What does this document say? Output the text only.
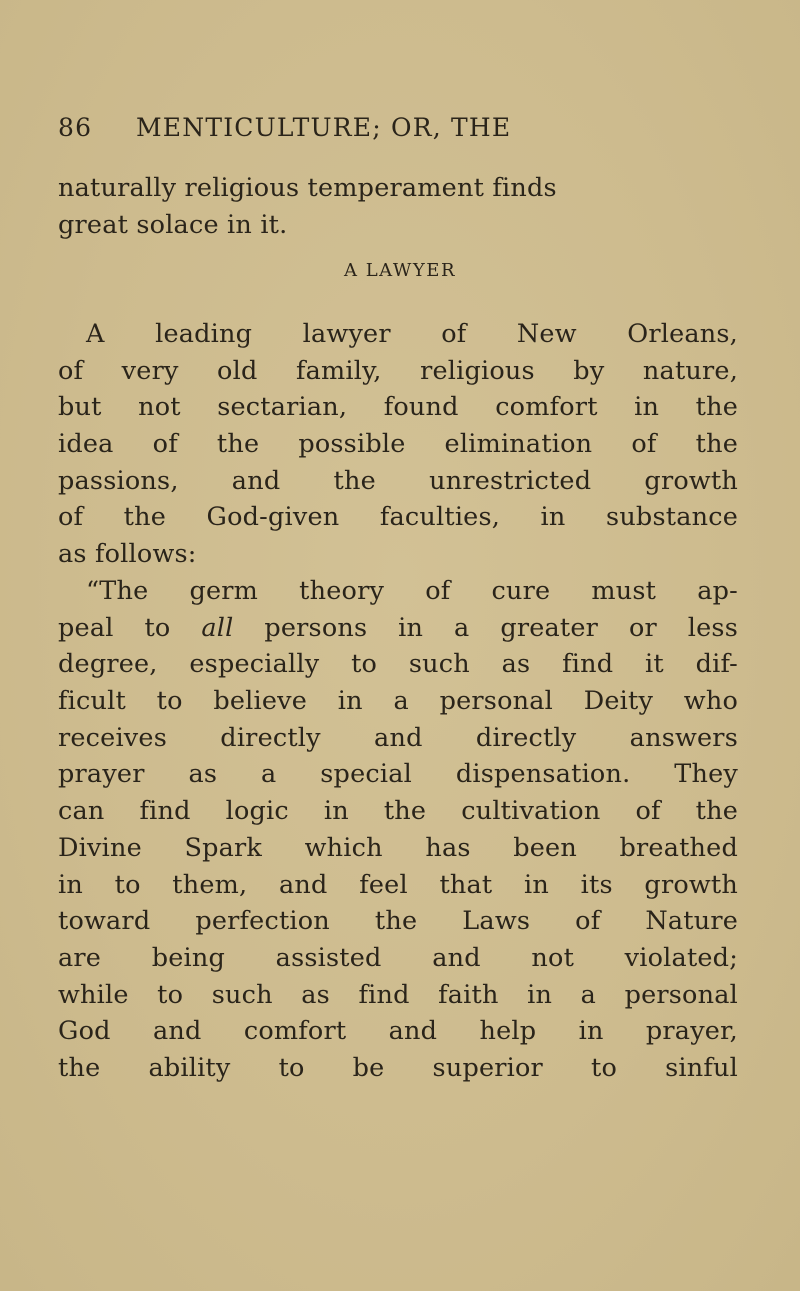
86 MENTICULTURE; OR, THE
naturally religious temperament finds
great solace in it.
A LAWYER
A leading lawyer of New Orleans,
of very old family, religious by nature,
but not sectarian, found comfort in the
idea of the possible elimination of the
passions, and the unrestricted growth
of the God-given faculties, in substance
as follows:
“The germ theory of cure must ap-
peal to all persons in a greater or less
degree, especially to such as find it dif-
ficult to believe in a personal Deity who
receives directly and directly answers
prayer as a special dispensation. They
can find logic in the cultivation of the
Divine Spark which has been breathed
in to them, and feel that in its growth
toward perfection the Laws of Nature
are being assisted and not violated;
while to such as find faith in a personal
God and comfort and help in prayer,
the ability to be superior to sinful
